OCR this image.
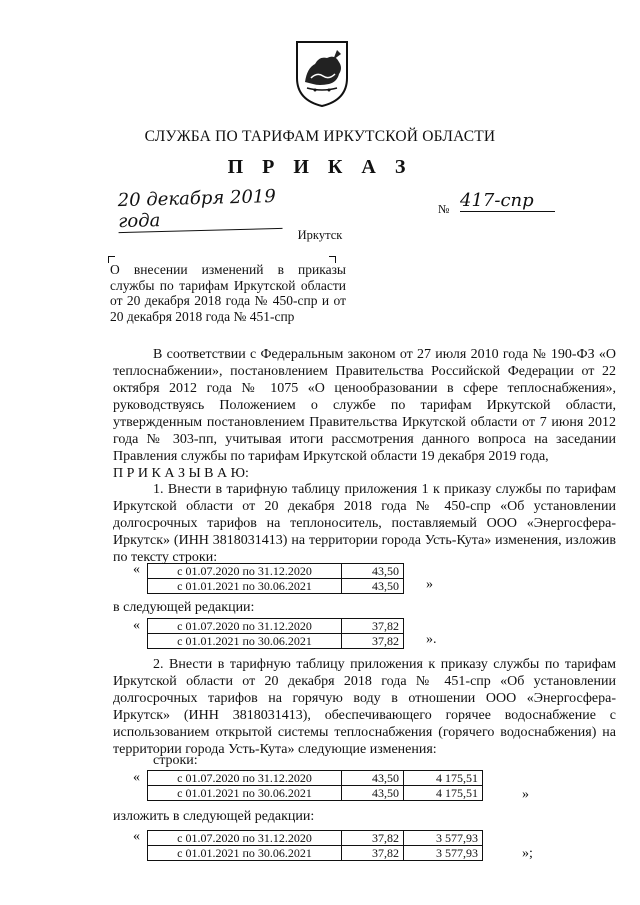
СЛУЖБА ПО ТАРИФАМ ИРКУТСКОЙ ОБЛАСТИ
П Р И К А З
20 декабря 2019 года
№ 417-спр
Иркутск
О внесении изменений в приказы службы по тарифам Иркутской области от 20 декабря 2018 года № 450-спр и от 20 декабря 2018 года № 451-спр
В соответствии с Федеральным законом от 27 июля 2010 года № 190-ФЗ «О теплоснабжении», постановлением Правительства Российской Федерации от 22 октября 2012 года № 1075 «О ценообразовании в сфере теплоснабжения», руководствуясь Положением о службе по тарифам Иркутской области, утвержденным постановлением Правительства Иркутской области от 7 июня 2012 года № 303-пп, учитывая итоги рассмотрения данного вопроса на заседании Правления службы по тарифам Иркутской области 19 декабря 2019 года,
П Р И К А З Ы В А Ю:
1. Внести в тарифную таблицу приложения 1 к приказу службы по тарифам Иркутской области от 20 декабря 2018 года № 450-спр «Об установлении долгосрочных тарифов на теплоноситель, поставляемый ООО «Энергосфера-Иркутск» (ИНН 3818031413) на территории города Усть-Кута» изменения, изложив по тексту строки:
«	с 01.07.2020 по 31.12.2020	43,50
с 01.01.2021 по 30.06.2021	43,50 »
в следующей редакции:
«	с 01.07.2020 по 31.12.2020	37,82
с 01.01.2021 по 30.06.2021	37,82 ».
2. Внести в тарифную таблицу приложения к приказу службы по тарифам Иркутской области от 20 декабря 2018 года № 451-спр «Об установлении долгосрочных тарифов на горячую воду в отношении ООО «Энергосфера-Иркутск» (ИНН 3818031413), обеспечивающего горячее водоснабжение с использованием открытой системы теплоснабжения (горячего водоснабжения) на территории города Усть-Кута» следующие изменения:
строки:
«	с 01.07.2020 по 31.12.2020	43,50	4 175,51
с 01.01.2021 по 30.06.2021	43,50	4 175,51	»
изложить в следующей редакции:
«	с 01.07.2020 по 31.12.2020	37,82	3 577,93
с 01.01.2021 по 30.06.2021	37,82	3 577,93	»;
